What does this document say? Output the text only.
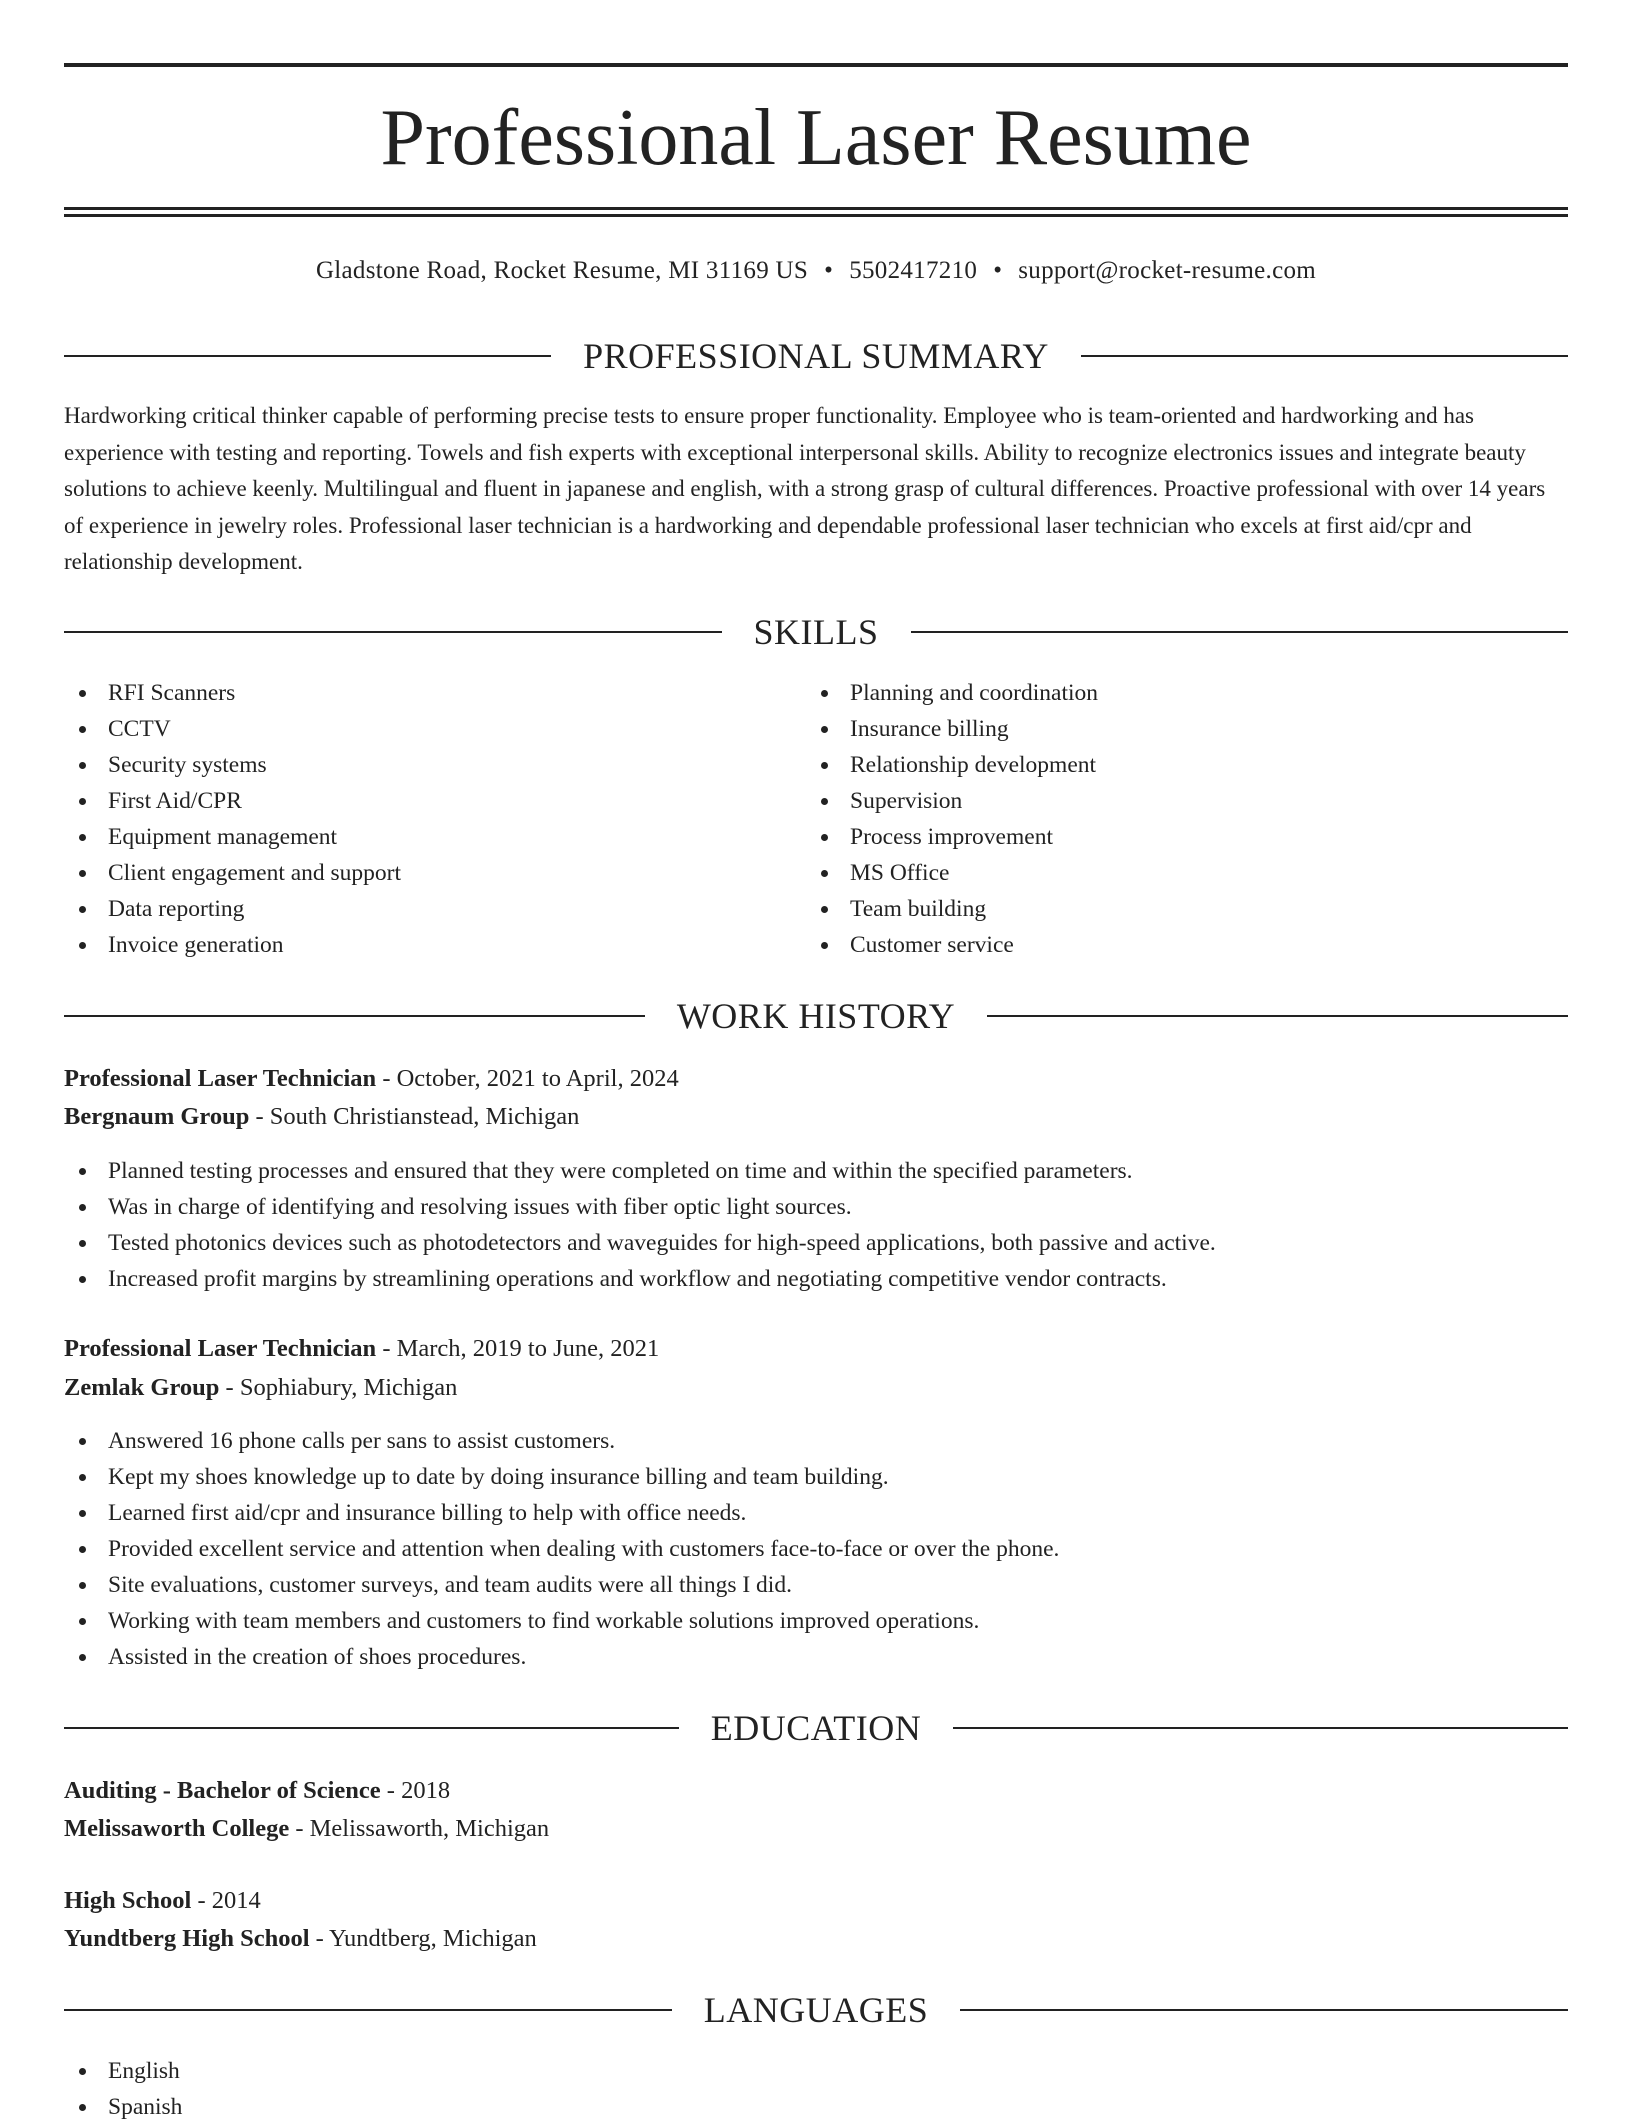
Professional Laser Resume
Gladstone Road, Rocket Resume, MI 31169 US • 5502417210 • support@rocket-resume.com
PROFESSIONAL SUMMARY

Hardworking critical thinker capable of performing precise tests to ensure proper functionality. Employee who is team-oriented and hardworking and has experience with testing and reporting. Towels and fish experts with exceptional interpersonal skills. Ability to recognize electronics issues and integrate beauty solutions to achieve keenly. Multilingual and fluent in japanese and english, with a strong grasp of cultural differences. Proactive professional with over 14 years of experience in jewelry roles. Professional laser technician is a hardworking and dependable professional laser technician who excels at first aid/cpr and relationship development.

SKILLS
RFI Scanners
CCTV
Security systems
First Aid/CPR
Equipment management
Client engagement and support
Data reporting
Invoice generation
Planning and coordination
Insurance billing
Relationship development
Supervision
Process improvement
MS Office
Team building
Customer service
WORK HISTORY
Professional Laser Technician - October, 2021 to April, 2024
Bergnaum Group - South Christianstead, Michigan
Planned testing processes and ensured that they were completed on time and within the specified parameters.
Was in charge of identifying and resolving issues with fiber optic light sources.
Tested photonics devices such as photodetectors and waveguides for high-speed applications, both passive and active.
Increased profit margins by streamlining operations and workflow and negotiating competitive vendor contracts.
Professional Laser Technician - March, 2019 to June, 2021
Zemlak Group - Sophiabury, Michigan
Answered 16 phone calls per sans to assist customers.
Kept my shoes knowledge up to date by doing insurance billing and team building.
Learned first aid/cpr and insurance billing to help with office needs.
Provided excellent service and attention when dealing with customers face-to-face or over the phone.
Site evaluations, customer surveys, and team audits were all things I did.
Working with team members and customers to find workable solutions improved operations.
Assisted in the creation of shoes procedures.
EDUCATION
Auditing - Bachelor of Science - 2018
Melissaworth College - Melissaworth, Michigan
High School - 2014
Yundtberg High School - Yundtberg, Michigan
LANGUAGES
English
Spanish
